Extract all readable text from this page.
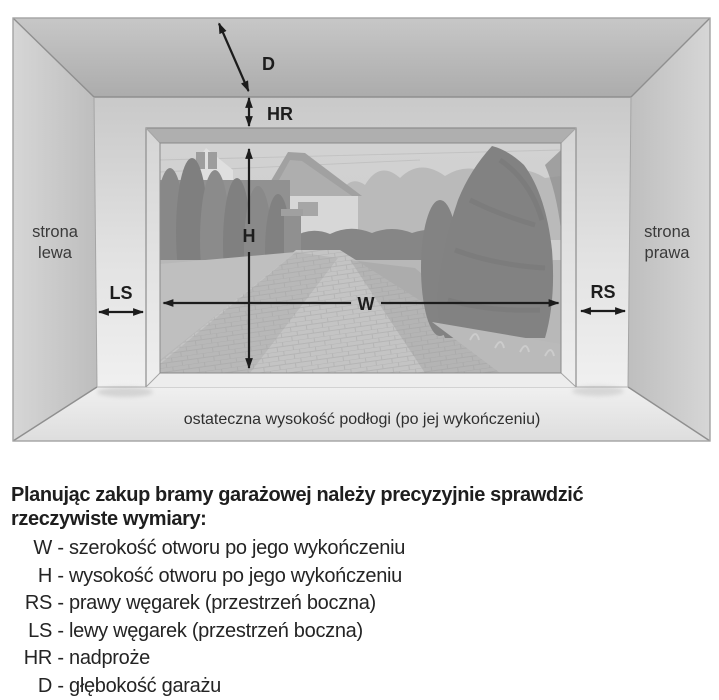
D
HR
H
W
LS	RS
strona
lewa
strona
prawa
ostateczna wysokość podłogi (po jej wykończeniu)
Planując zakup bramy garażowej należy precyzyjnie sprawdzić
rzeczywiste wymiary:
W - szerokość otworu po jego wykończeniu
H - wysokość otworu po jego wykończeniu
RS - prawy węgarek (przestrzeń boczna)
LS - lewy węgarek (przestrzeń boczna)
HR - nadproże
D - głębokość garażu
